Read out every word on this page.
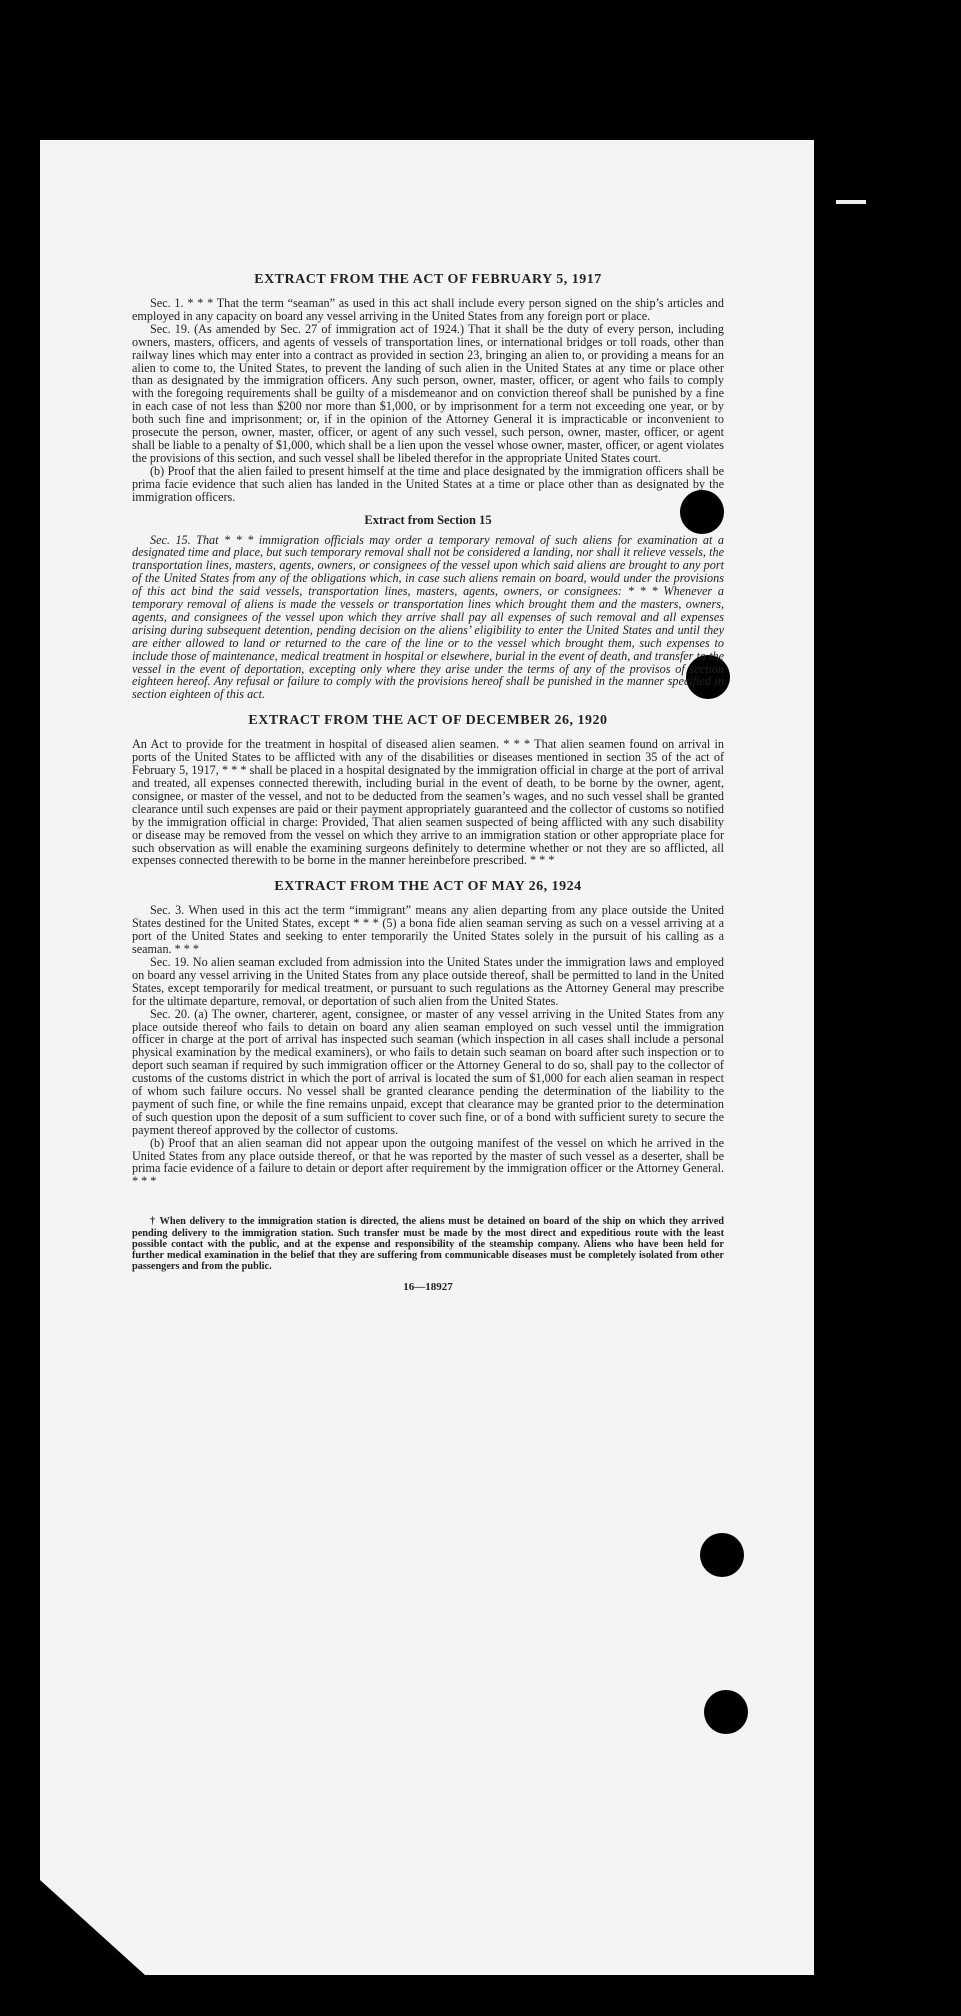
EXTRACT FROM THE ACT OF FEBRUARY 5, 1917

Sec. 1. * * * That the term “seaman” as used in this act shall include every person signed on the ship’s articles and employed in any capacity on board any vessel arriving in the United States from any foreign port or place.

Sec. 19. (As amended by Sec. 27 of immigration act of 1924.) That it shall be the duty of every person, including owners, masters, officers, and agents of vessels of transportation lines, or international bridges or toll roads, other than railway lines which may enter into a contract as provided in section 23, bringing an alien to, or providing a means for an alien to come to, the United States, to prevent the landing of such alien in the United States at any time or place other than as designated by the immigration officers. Any such person, owner, master, officer, or agent who fails to comply with the foregoing requirements shall be guilty of a misdemeanor and on conviction thereof shall be punished by a fine in each case of not less than $200 nor more than $1,000, or by imprisonment for a term not exceeding one year, or by both such fine and imprisonment; or, if in the opinion of the Attorney General it is impracticable or inconvenient to prosecute the person, owner, master, officer, or agent of any such vessel, such person, owner, master, officer, or agent shall be liable to a penalty of $1,000, which shall be a lien upon the vessel whose owner, master, officer, or agent violates the provisions of this section, and such vessel shall be libeled therefor in the appropriate United States court.

(b) Proof that the alien failed to present himself at the time and place designated by the immigration officers shall be prima facie evidence that such alien has landed in the United States at a time or place other than as designated by the immigration officers.

Extract from Section 15

Sec. 15. That * * * immigration officials may order a temporary removal of such aliens for examination at a designated time and place, but such temporary removal shall not be considered a landing, nor shall it relieve vessels, the transportation lines, masters, agents, owners, or consignees of the vessel upon which said aliens are brought to any port of the United States from any of the obligations which, in case such aliens remain on board, would under the provisions of this act bind the said vessels, transportation lines, masters, agents, owners, or consignees: * * * Whenever a temporary removal of aliens is made the vessels or transportation lines which brought them and the masters, owners, agents, and consignees of the vessel upon which they arrive shall pay all expenses of such removal and all expenses arising during subsequent detention, pending decision on the aliens’ eligibility to enter the United States and until they are either allowed to land or returned to the care of the line or to the vessel which brought them, such expenses to include those of maintenance, medical treatment in hospital or elsewhere, burial in the event of death, and transfer to the vessel in the event of deportation, excepting only where they arise under the terms of any of the provisos of section eighteen hereof. Any refusal or failure to comply with the provisions hereof shall be punished in the manner specified in section eighteen of this act.

EXTRACT FROM THE ACT OF DECEMBER 26, 1920

An Act to provide for the treatment in hospital of diseased alien seamen. * * * That alien seamen found on arrival in ports of the United States to be afflicted with any of the disabilities or diseases mentioned in section 35 of the act of February 5, 1917, * * * shall be placed in a hospital designated by the immigration official in charge at the port of arrival and treated, all expenses connected therewith, including burial in the event of death, to be borne by the owner, agent, consignee, or master of the vessel, and not to be deducted from the seamen’s wages, and no such vessel shall be granted clearance until such expenses are paid or their payment appropriately guaranteed and the collector of customs so notified by the immigration official in charge: Provided, That alien seamen suspected of being afflicted with any such disability or disease may be removed from the vessel on which they arrive to an immigration station or other appropriate place for such observation as will enable the examining surgeons definitely to determine whether or not they are so afflicted, all expenses connected therewith to be borne in the manner hereinbefore prescribed. * * *

EXTRACT FROM THE ACT OF MAY 26, 1924

Sec. 3. When used in this act the term “immigrant” means any alien departing from any place outside the United States destined for the United States, except * * * (5) a bona fide alien seaman serving as such on a vessel arriving at a port of the United States and seeking to enter temporarily the United States solely in the pursuit of his calling as a seaman. * * *

Sec. 19. No alien seaman excluded from admission into the United States under the immigration laws and employed on board any vessel arriving in the United States from any place outside thereof, shall be permitted to land in the United States, except temporarily for medical treatment, or pursuant to such regulations as the Attorney General may prescribe for the ultimate departure, removal, or deportation of such alien from the United States.

Sec. 20. (a) The owner, charterer, agent, consignee, or master of any vessel arriving in the United States from any place outside thereof who fails to detain on board any alien seaman employed on such vessel until the immigration officer in charge at the port of arrival has inspected such seaman (which inspection in all cases shall include a personal physical examination by the medical examiners), or who fails to detain such seaman on board after such inspection or to deport such seaman if required by such immigration officer or the Attorney General to do so, shall pay to the collector of customs of the customs district in which the port of arrival is located the sum of $1,000 for each alien seaman in respect of whom such failure occurs. No vessel shall be granted clearance pending the determination of the liability to the payment of such fine, or while the fine remains unpaid, except that clearance may be granted prior to the determination of such question upon the deposit of a sum sufficient to cover such fine, or of a bond with sufficient surety to secure the payment thereof approved by the collector of customs.

(b) Proof that an alien seaman did not appear upon the outgoing manifest of the vessel on which he arrived in the United States from any place outside thereof, or that he was reported by the master of such vessel as a deserter, shall be prima facie evidence of a failure to detain or deport after requirement by the immigration officer or the Attorney General. * * *

† When delivery to the immigration station is directed, the aliens must be detained on board of the ship on which they arrived pending delivery to the immigration station. Such transfer must be made by the most direct and expeditious route with the least possible contact with the public, and at the expense and responsibility of the steamship company. Aliens who have been held for further medical examination in the belief that they are suffering from communicable diseases must be completely isolated from other passengers and from the public.

16—18927
